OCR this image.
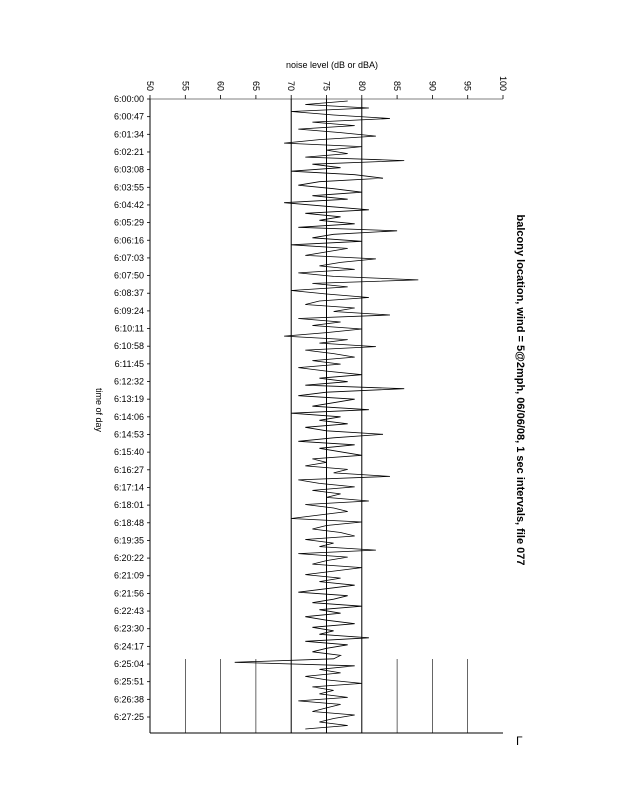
50	55	60	65	70	75	80	85	90	95	100
6:00:00
6:00:47
6:01:34
6:02:21
6:03:08
6:03:55
6:04:42
6:05:29
6:06:16
6:07:03
6:07:50
6:08:37
6:09:24
6:10:11
6:10:58
6:11:45
6:12:32
6:13:19
6:14:06
6:14:53
6:15:40
6:16:27
6:17:14
6:18:01
6:18:48
6:19:35
6:20:22
6:21:09
6:21:56
6:22:43
6:23:30
6:24:17
6:25:04
6:25:51
6:26:38
6:27:25
noise level (dB or dBA)
time of day	balcony location, wind = 5@2mph, 06/06/08, 1 sec intervals, file 077
Γ
